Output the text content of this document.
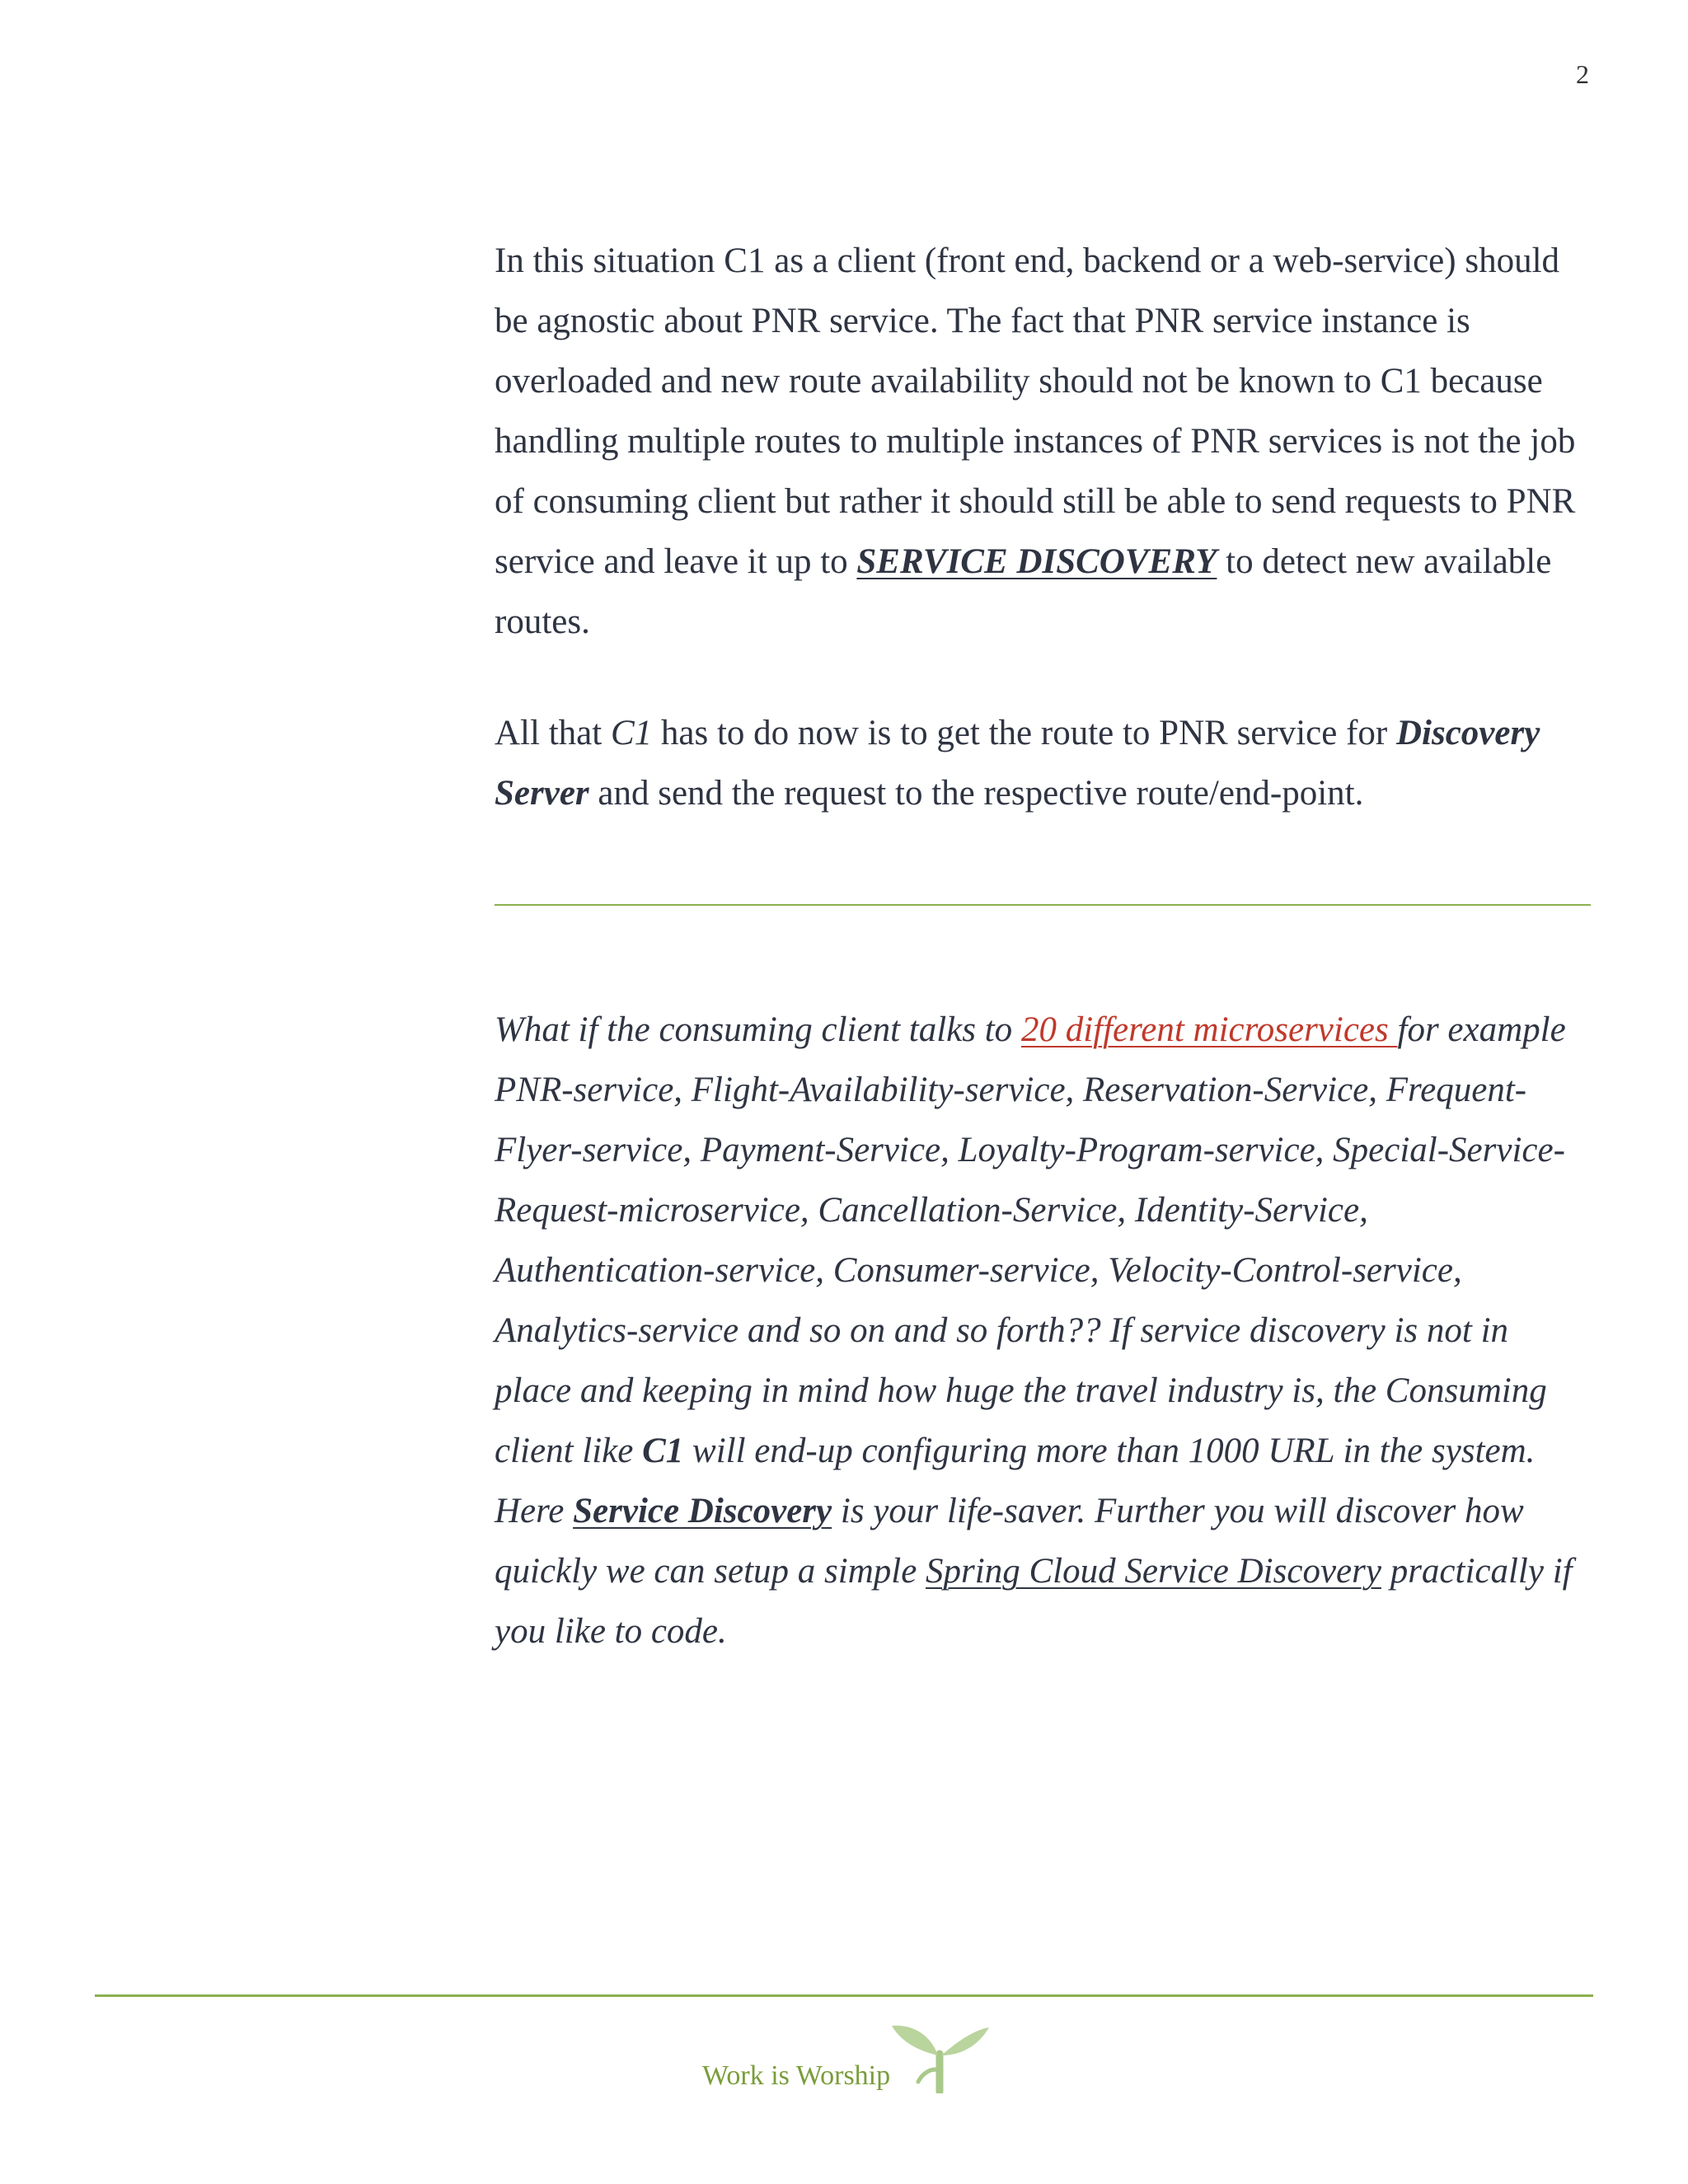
2

In this situation C1 as a client (front end, backend or a web-service) should be agnostic about PNR service. The fact that PNR service instance is overloaded and new route availability should not be known to C1 because handling multiple routes to multiple instances of PNR services is not the job of consuming client but rather it should still be able to send requests to PNR service and leave it up to SERVICE DISCOVERY to detect new available routes.

All that C1 has to do now is to get the route to PNR service for Discovery Server and send the request to the respective route/end-point.

What if the consuming client talks to 20 different microservices for example PNR-service, Flight-Availability-service, Reservation-Service, Frequent-Flyer-service, Payment-Service, Loyalty-Program-service, Special-Service-Request-microservice, Cancellation-Service, Identity-Service, Authentication-service, Consumer-service, Velocity-Control-service, Analytics-service and so on and so forth?? If service discovery is not in place and keeping in mind how huge the travel industry is, the Consuming client like C1 will end-up configuring more than 1000 URL in the system. Here Service Discovery is your life-saver. Further you will discover how quickly we can setup a simple Spring Cloud Service Discovery practically if you like to code.

Work is Worship
